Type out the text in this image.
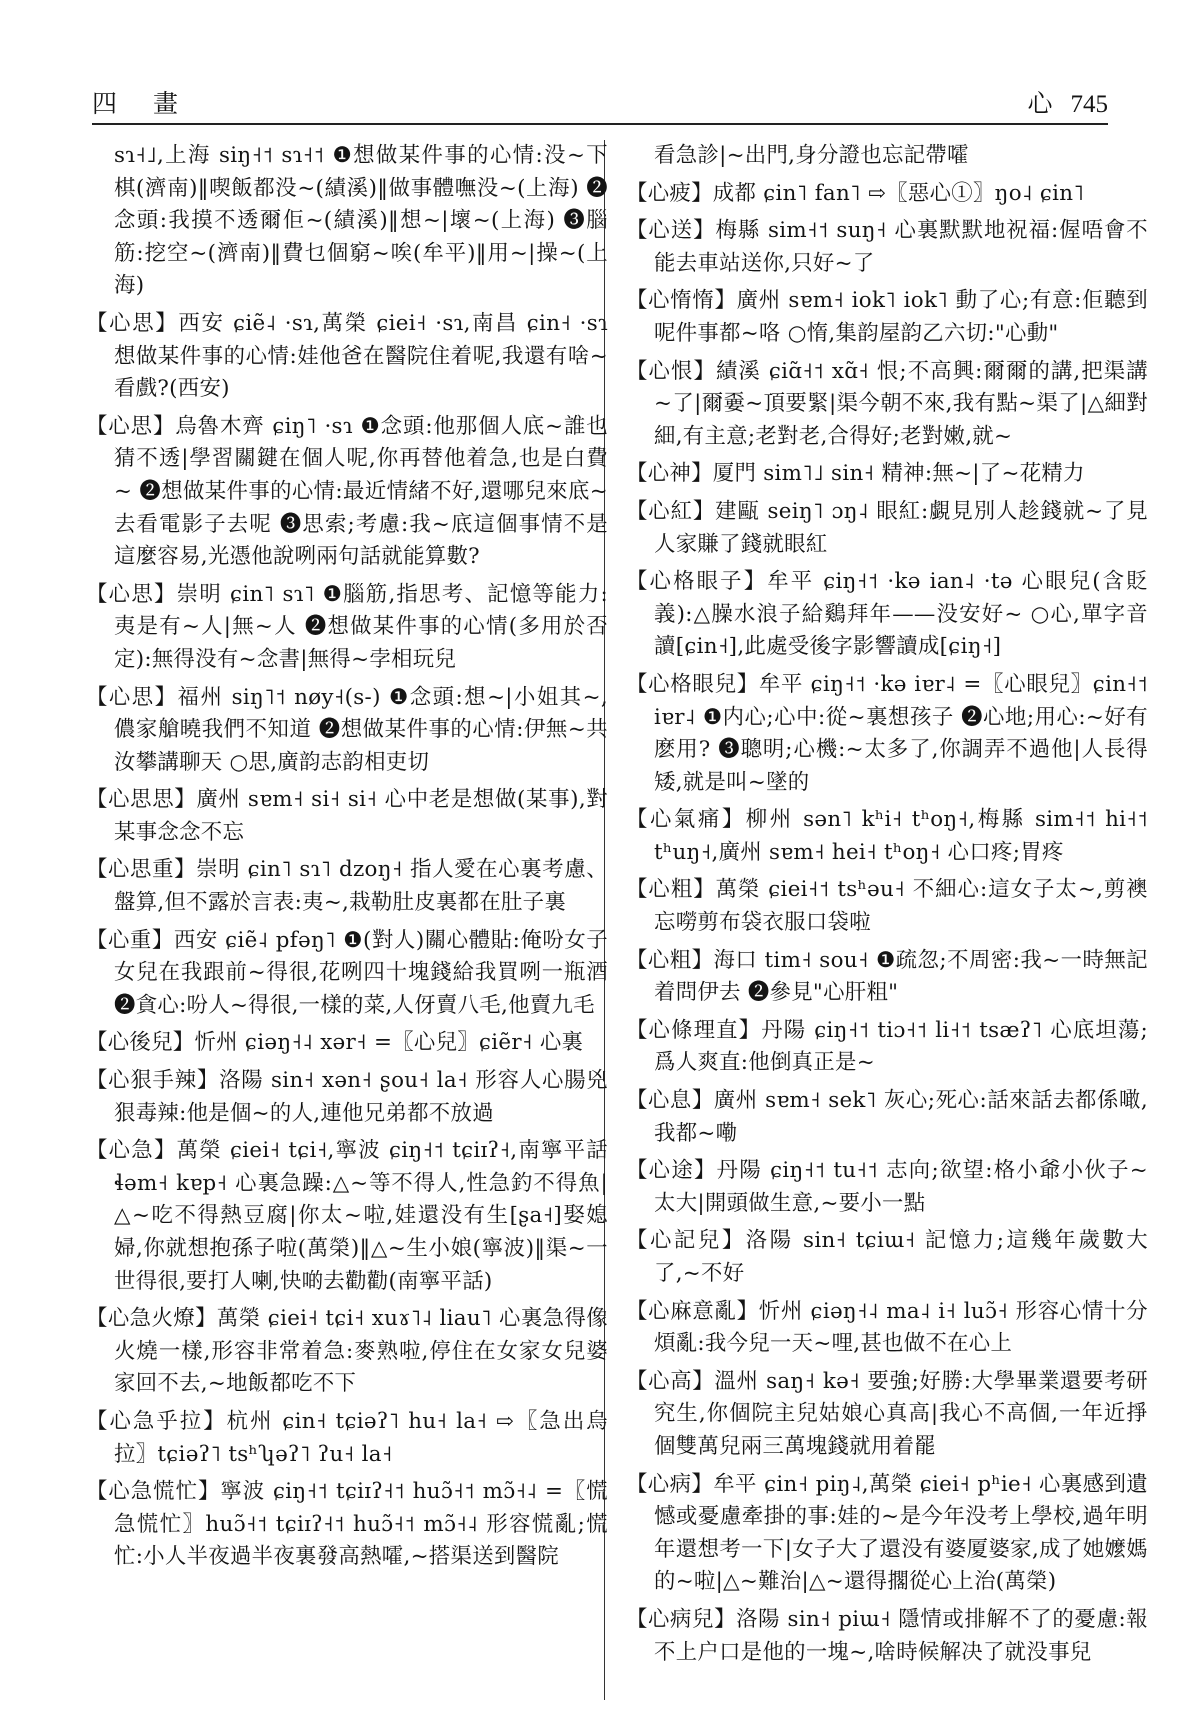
四 畫	心 745

sɿ˧˩,上海 siŋ˧˦ sɿ˧˦ ❶想做某件事的心情:没~下棋(濟南)‖喫飯都没~(績溪)‖做事體嘸没~(上海) ❷念頭:我摸不透爾佢~(績溪)‖想~|壞~(上海) ❸腦筋:挖空~(濟南)‖費乜個窮~唉(牟平)‖用~|操~(上海)

【心思】西安 ɕiẽ˨ ·sɿ,萬榮 ɕiei˧ ·sɿ,南昌 ɕin˧ ·sɿ 想做某件事的心情:娃他爸在醫院住着呢,我還有啥~看戲?(西安)

【心思】烏魯木齊 ɕiŋ˥ ·sɿ ❶念頭:他那個人底~誰也猜不透|學習關鍵在個人呢,你再替他着急,也是白費~ ❷想做某件事的心情:最近情緒不好,還哪兒來底~去看電影子去呢 ❸思索;考慮:我~底這個事情不是這麼容易,光憑他說咧兩句話就能算數?

【心思】崇明 ɕin˥ sɿ˥ ❶腦筋,指思考、記憶等能力:夷是有~人|無~人 ❷想做某件事的心情(多用於否定):無得没有~念書|無得~孛相玩兒

【心思】福州 siŋ˥˦ nøy˧(s-) ❶念頭:想~|小姐其~,儂家艙曉我們不知道 ❷想做某件事的心情:伊無~共汝攀講聊天 ○思,廣韵志韵相吏切

【心思思】廣州 sɐm˧ si˧ si˧ 心中老是想做(某事),對某事念念不忘

【心思重】崇明 ɕin˥ sɿ˥ dzoŋ˧ 指人愛在心裏考慮、盤算,但不露於言表:夷~,栽勒肚皮裏都在肚子裏

【心重】西安 ɕiẽ˨ pfəŋ˥ ❶(對人)關心體貼:俺吩女子女兒在我跟前~得很,花咧四十塊錢給我買咧一瓶酒 ❷貪心:吩人~得很,一樣的菜,人伢賣八毛,他賣九毛

【心後兒】忻州 ɕiəŋ˧˨ xər˧ =〖心兒〗ɕiẽr˧ 心裏

【心狠手辣】洛陽 sin˧ xən˧ ʂou˧ la˧ 形容人心腸兇狠毒辣:他是個~的人,連他兄弟都不放過

【心急】萬榮 ɕiei˧ tɕi˧,寧波 ɕiŋ˧˦ tɕiɪʔ˧,南寧平話 ɬəm˧ kɐp˧ 心裏急躁:△~等不得人,性急釣不得魚|△~吃不得熱豆腐|你太~啦,娃還没有生[ʂa˧]娶媳婦,你就想抱孫子啦(萬榮)‖△~生小娘(寧波)‖渠~一世得很,要打人喇,快啲去勸勸(南寧平話)

【心急火燎】萬榮 ɕiei˧ tɕi˧ xuɤ˥˨ liau˥ 心裏急得像火燒一樣,形容非常着急:麥熟啦,停住在女家女兒婆家回不去,~地飯都吃不下

【心急乎拉】杭州 ɕin˧ tɕiəʔ˥ hu˧ la˧ ⇨〖急出烏拉〗tɕiəʔ˥ tsʰʮəʔ˥ ʔu˧ la˧

【心急慌忙】寧波 ɕiŋ˧˦ tɕiɪʔ˧˦ huɔ̃˧˦ mɔ̃˧˨ =〖慌急慌忙〗huɔ̃˧˦ tɕiɪʔ˧˦ huɔ̃˧˦ mɔ̃˧˨ 形容慌亂;慌忙:小人半夜過半夜裏發高熱嚯,~搭渠送到醫院

看急診|~出門,身分證也忘記帶嚯

【心疲】成都 ɕin˥ fan˥ ⇨〖惡心①〗ŋo˨ ɕin˥

【心送】梅縣 sim˧˦ suŋ˧ 心裏默默地祝福:偓唔會不能去車站送你,只好~了

【心惰惰】廣州 sɐm˧ iok˥ iok˥ 動了心;有意:佢聽到呢件事都~咯 ○惰,集韵屋韵乙六切:"心動"

【心恨】績溪 ɕiɑ̃˧˦ xɑ̃˧ 恨;不高興:爾爾的講,把渠講~了|爾嫑~頂要緊|渠今朝不來,我有點~渠了|△細對細,有主意;老對老,合得好;老對嫩,就~

【心神】厦門 sim˥˩ sin˧ 精神:無~|了~花精力

【心紅】建甌 seiŋ˥ ɔŋ˨ 眼紅:覷見別人趁錢就~了見人家賺了錢就眼紅

【心格眼子】牟平 ɕiŋ˧˦ ·kə ian˨ ·tə 心眼兒(含貶義):△臊水浪子給鷄拜年——没安好~ ○心,單字音讀[ɕin˧],此處受後字影響讀成[ɕiŋ˧]

【心格眼兒】牟平 ɕiŋ˧˦ ·kə iɐr˨ =〖心眼兒〗ɕin˧˦ iɐr˨ ❶内心;心中:從~裏想孩子 ❷心地;用心:~好有麽用? ❸聰明;心機:~太多了,你調弄不過他|人長得矮,就是叫~墜的

【心氣痛】柳州 sən˥ kʰi˧ tʰoŋ˧,梅縣 sim˧˦ hi˧˦ tʰuŋ˧,廣州 sɐm˧ hei˧ tʰoŋ˧ 心口疼;胃疼

【心粗】萬榮 ɕiei˧˦ tsʰəu˧ 不細心:這女子太~,剪襖忘嘮剪布袋衣服口袋啦

【心粗】海口 tim˧ sou˧ ❶疏忽;不周密:我~一時無記着問伊去 ❷參見"心肝粗"

【心條理直】丹陽 ɕiŋ˧˦ tiɔ˧˦ li˧˦ tsæʔ˥ 心底坦蕩;爲人爽直:他倒真正是~

【心息】廣州 sɐm˧ sek˥ 灰心;死心:話來話去都係噉,我都~嘞

【心途】丹陽 ɕiŋ˧˦ tu˧˦ 志向;欲望:格小爺小伙子~太大|開頭做生意,~要小一點

【心記兒】洛陽 sin˧ tɕiɯ˧ 記憶力;這幾年歲數大了,~不好

【心麻意亂】忻州 ɕiəŋ˧˨ ma˨ i˧ luɔ̃˧ 形容心情十分煩亂:我今兒一天~哩,甚也做不在心上

【心高】溫州 saŋ˧ kə˧ 要強;好勝:大學畢業還要考研究生,你個院主兒姑娘心真高|我心不高個,一年近掙個雙萬兒兩三萬塊錢就用着罷

【心病】牟平 ɕin˧ piŋ˨,萬榮 ɕiei˧ pʰie˧ 心裏感到遺憾或憂慮牽掛的事:娃的~是今年没考上學校,過年明年還想考一下|女子大了還没有婆厦婆家,成了她嬤媽的~啦|△~難治|△~還得擱從心上治(萬榮)

【心病兒】洛陽 sin˧ piɯ˧ 隱情或排解不了的憂慮:報不上户口是他的一塊~,啥時候解决了就没事兒
